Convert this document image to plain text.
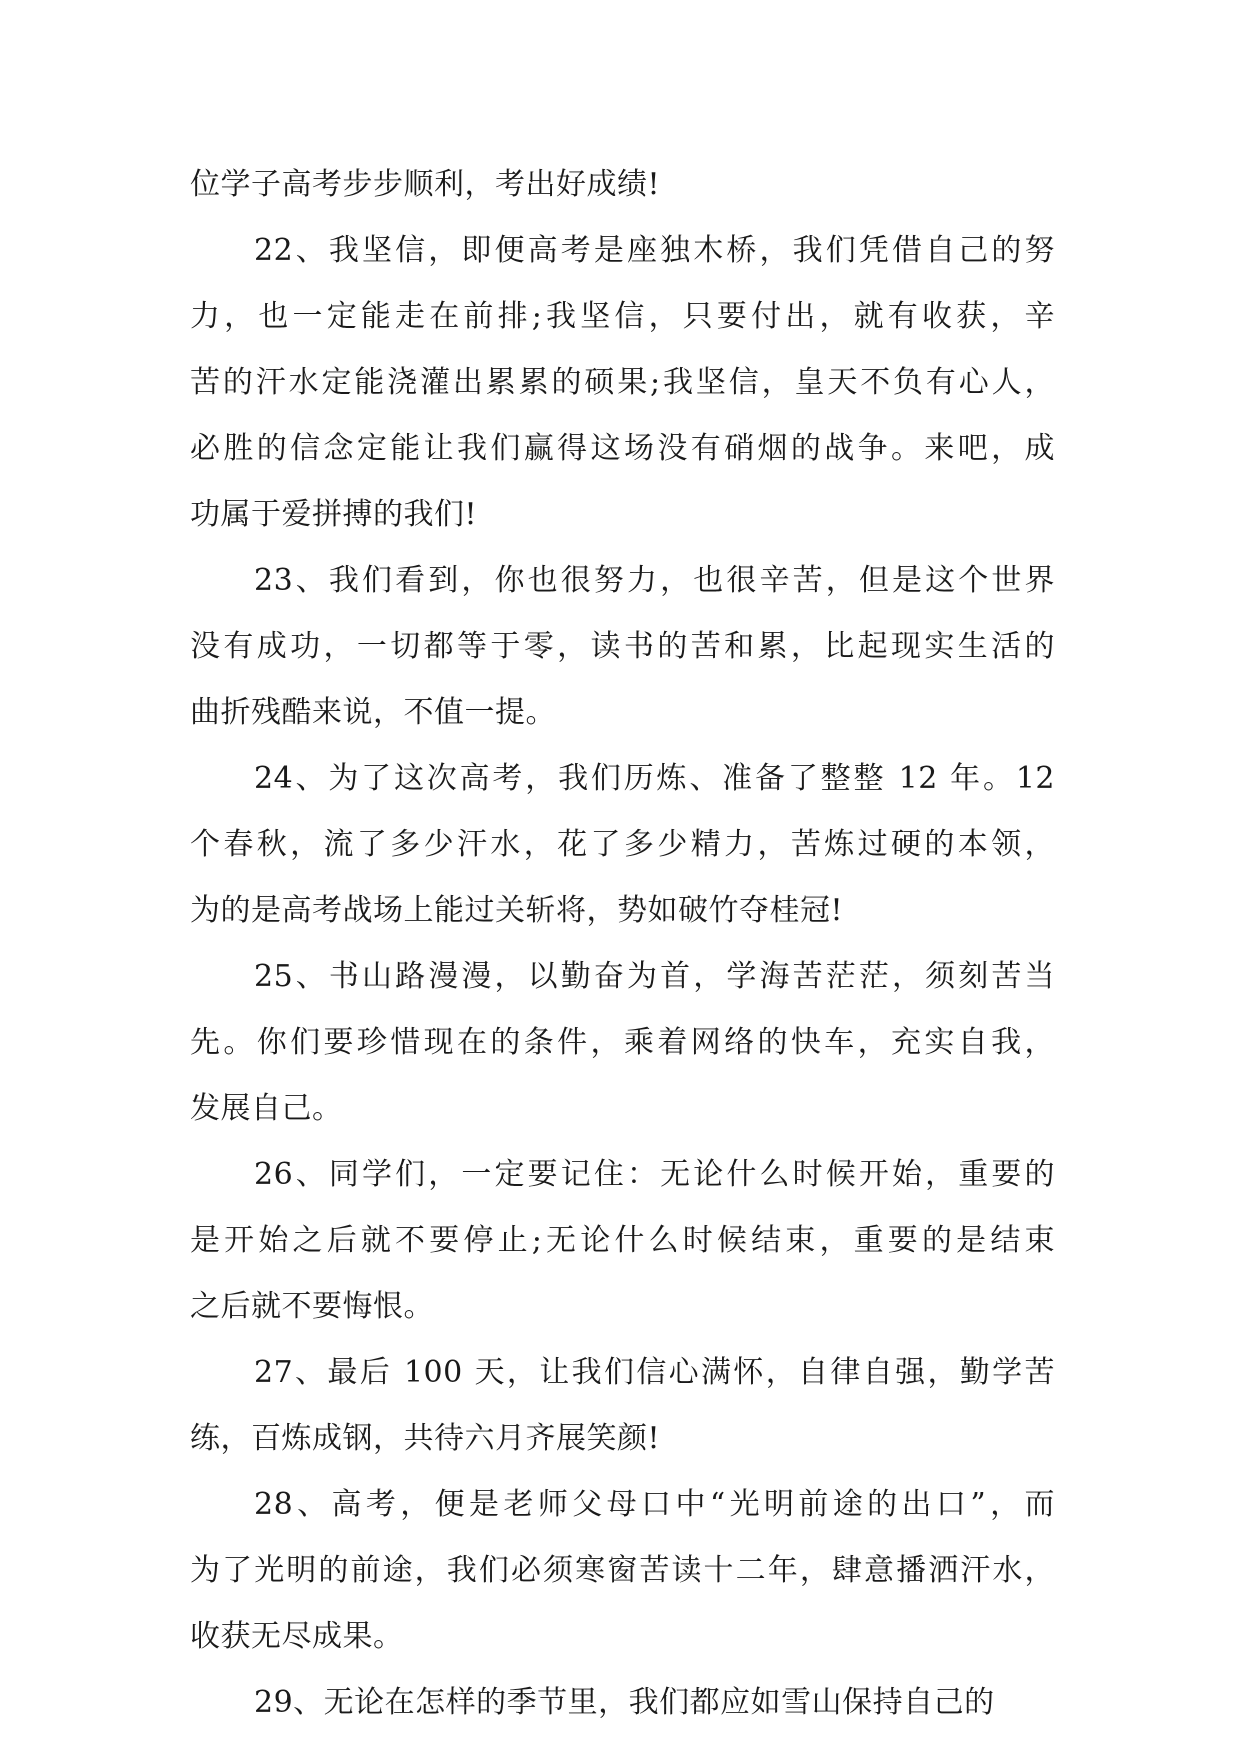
位学子高考步步顺利，考出好成绩!
22、我坚信，即便高考是座独木桥，我们凭借自己的努
力，也一定能走在前排;我坚信，只要付出，就有收获，辛
苦的汗水定能浇灌出累累的硕果;我坚信，皇天不负有心人，
必胜的信念定能让我们赢得这场没有硝烟的战争。来吧，成
功属于爱拼搏的我们!
23、我们看到，你也很努力，也很辛苦，但是这个世界
没有成功，一切都等于零，读书的苦和累，比起现实生活的
曲折残酷来说，不值一提。
24、为了这次高考，我们历炼、准备了整整 12 年。12
个春秋，流了多少汗水，花了多少精力，苦炼过硬的本领，
为的是高考战场上能过关斩将，势如破竹夺桂冠!
25、书山路漫漫，以勤奋为首，学海苦茫茫，须刻苦当
先。你们要珍惜现在的条件，乘着网络的快车，充实自我，
发展自己。
26、同学们，一定要记住：无论什么时候开始，重要的
是开始之后就不要停止;无论什么时候结束，重要的是结束
之后就不要悔恨。
27、最后 100 天，让我们信心满怀，自律自强，勤学苦
练，百炼成钢，共待六月齐展笑颜!
28、高考，便是老师父母口中“光明前途的出口”，而
为了光明的前途，我们必须寒窗苦读十二年，肆意播洒汗水，
收获无尽成果。
29、无论在怎样的季节里，我们都应如雪山保持自己的
